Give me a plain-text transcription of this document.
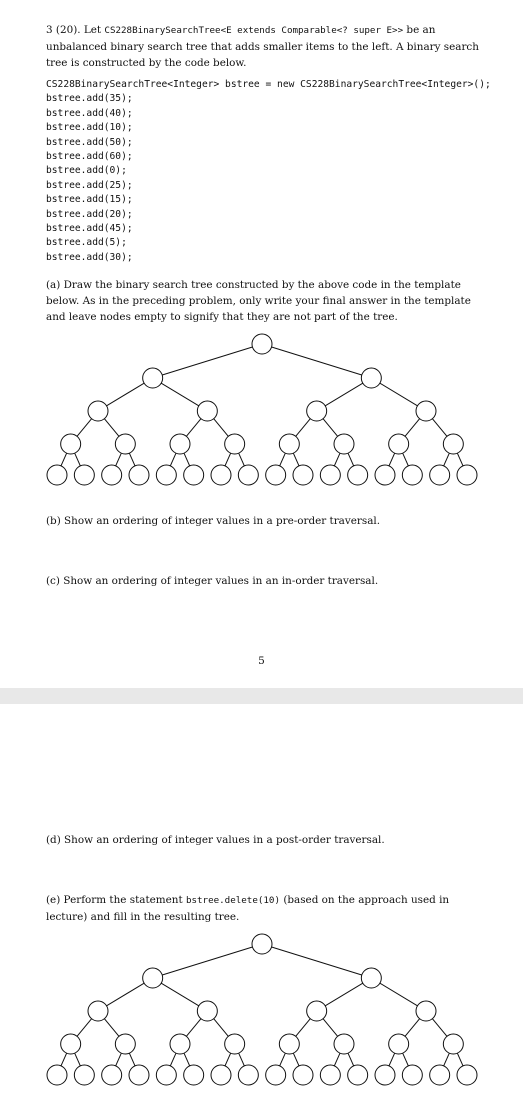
3 (20). Let CS228BinarySearchTree<E extends Comparable<? super E>> be an unbalanced binary search tree that adds smaller items to the left. A binary search tree is constructed by the code below.

CS228BinarySearchTree<Integer> bstree = new CS228BinarySearchTree<Integer>();
bstree.add(35);
bstree.add(40);
bstree.add(10);
bstree.add(50);
bstree.add(60);
bstree.add(0);
bstree.add(25);
bstree.add(15);
bstree.add(20);
bstree.add(45);
bstree.add(5);
bstree.add(30);

(a) Draw the binary search tree constructed by the above code in the template below. As in the preceding problem, only write your final answer in the template and leave nodes empty to signify that they are not part of the tree.

(b) Show an ordering of integer values in a pre-order traversal.

(c) Show an ordering of integer values in an in-order traversal.

5

(d) Show an ordering of integer values in a post-order traversal.

(e) Perform the statement bstree.delete(10) (based on the approach used in lecture) and fill in the resulting tree.
